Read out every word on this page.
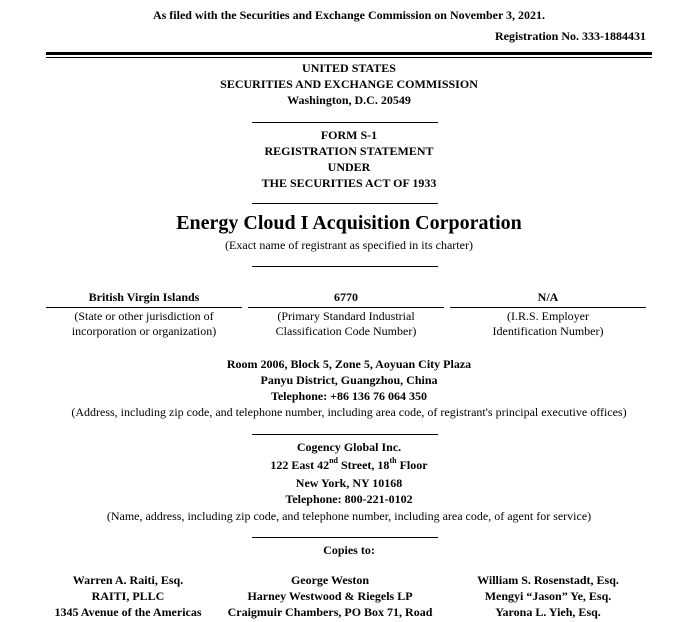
As filed with the Securities and Exchange Commission on November 3, 2021.
Registration No. 333-1884431
UNITED STATES
SECURITIES AND EXCHANGE COMMISSION
Washington, D.C. 20549
FORM S-1
REGISTRATION STATEMENT
UNDER
THE SECURITIES ACT OF 1933
Energy Cloud I Acquisition Corporation
(Exact name of registrant as specified in its charter)
British Virgin Islands	6770	N/A
(State or other jurisdiction of
incorporation or organization)
(Primary Standard Industrial
Classification Code Number)
(I.R.S. Employer
Identification Number)
Room 2006, Block 5, Zone 5, Aoyuan City Plaza
Panyu District, Guangzhou, China
Telephone: +86 136 76 064 350
(Address, including zip code, and telephone number, including area code, of registrant's principal executive offices)
Cogency Global Inc.
122 East 42nd Street, 18th Floor
New York, NY 10168
Telephone: 800-221-0102
(Name, address, including zip code, and telephone number, including area code, of agent for service)
Copies to:
Warren A. Raiti, Esq.
RAITI, PLLC
1345 Avenue of the Americas
George Weston
Harney Westwood & Riegels LP
Craigmuir Chambers, PO Box 71, Road
William S. Rosenstadt, Esq.
Mengyi “Jason” Ye, Esq.
Yarona L. Yieh, Esq.
